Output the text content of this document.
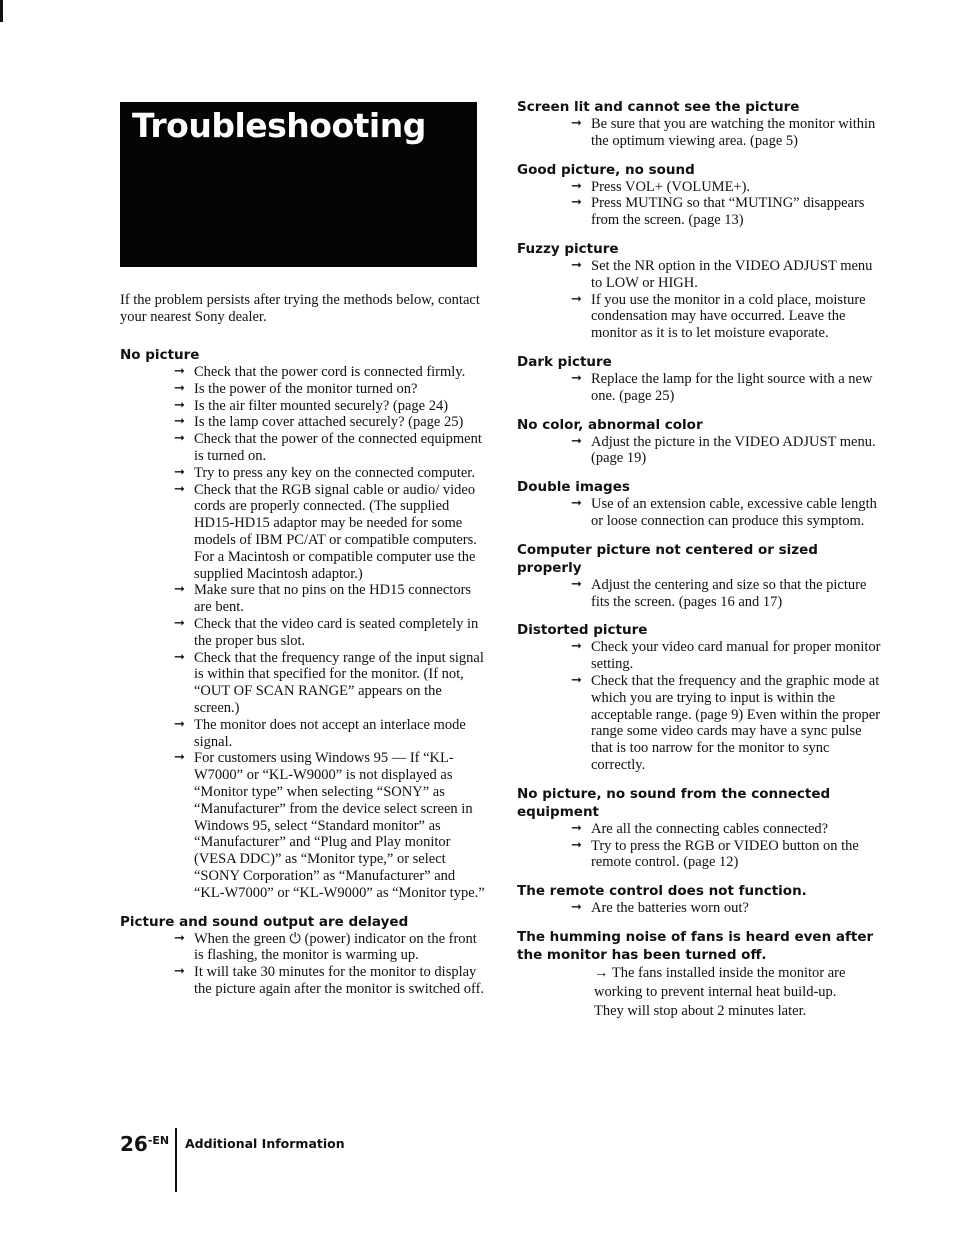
Troubleshooting

If the problem persists after trying the methods below, contact your nearest Sony dealer.

No picture

➞ Check that the power cord is connected firmly.
➞ Is the power of the monitor turned on?
➞ Is the air filter mounted securely? (page 24)
➞ Is the lamp cover attached securely? (page 25)
➞ Check that the power of the connected equipment is turned on.
➞ Try to press any key on the connected computer.
➞ Check that the RGB signal cable or audio/ video cords are properly connected. (The supplied HD15-HD15 adaptor may be needed for some models of IBM PC/AT or compatible computers. For a Macintosh or compatible computer use the supplied Macintosh adaptor.)
➞ Make sure that no pins on the HD15 connectors are bent.
➞ Check that the video card is seated completely in the proper bus slot.
➞ Check that the frequency range of the input signal is within that specified for the monitor. (If not, “OUT OF SCAN RANGE” appears on the screen.)
➞ The monitor does not accept an interlace mode signal.
➞ For customers using Windows 95 — If “KL-W7000” or “KL-W9000” is not displayed as “Monitor type” when selecting “SONY” as “Manufacturer” from the device select screen in Windows 95, select “Standard monitor” as “Manufacturer” and “Plug and Play monitor (VESA DDC)” as “Monitor type,” or select “SONY Corporation” as “Manufacturer” and “KL-W7000” or “KL-W9000” as “Monitor type.”

Picture and sound output are delayed

➞ When the green ⏻ (power) indicator on the front is flashing, the monitor is warming up.
➞ It will take 30 minutes for the monitor to display the picture again after the monitor is switched off.

Screen lit and cannot see the picture

➞ Be sure that you are watching the monitor within the optimum viewing area. (page 5)

Good picture, no sound

➞ Press VOL+ (VOLUME+).
➞ Press MUTING so that “MUTING” disappears from the screen. (page 13)

Fuzzy picture

➞ Set the NR option in the VIDEO ADJUST menu to LOW or HIGH.
➞ If you use the monitor in a cold place, moisture condensation may have occurred. Leave the monitor as it is to let moisture evaporate.

Dark picture

➞ Replace the lamp for the light source with a new one. (page 25)

No color, abnormal color

➞ Adjust the picture in the VIDEO ADJUST menu. (page 19)

Double images

➞ Use of an extension cable, excessive cable length or loose connection can produce this symptom.

Computer picture not centered or sized properly

➞ Adjust the centering and size so that the picture fits the screen. (pages 16 and 17)

Distorted picture

➞ Check your video card manual for proper monitor setting.
➞ Check that the frequency and the graphic mode at which you are trying to input is within the acceptable range. (page 9) Even within the proper range some video cards may have a sync pulse that is too narrow for the monitor to sync correctly.

No picture, no sound from the connected equipment

➞ Are all the connecting cables connected?
➞ Try to press the RGB or VIDEO button on the remote control. (page 12)

The remote control does not function.

➞ Are the batteries worn out?

The humming noise of fans is heard even after the monitor has been turned off.

→ The fans installed inside the monitor are
working to prevent internal heat build-up.
They will stop about 2 minutes later.
$26^{-EN}$ Additional Information
